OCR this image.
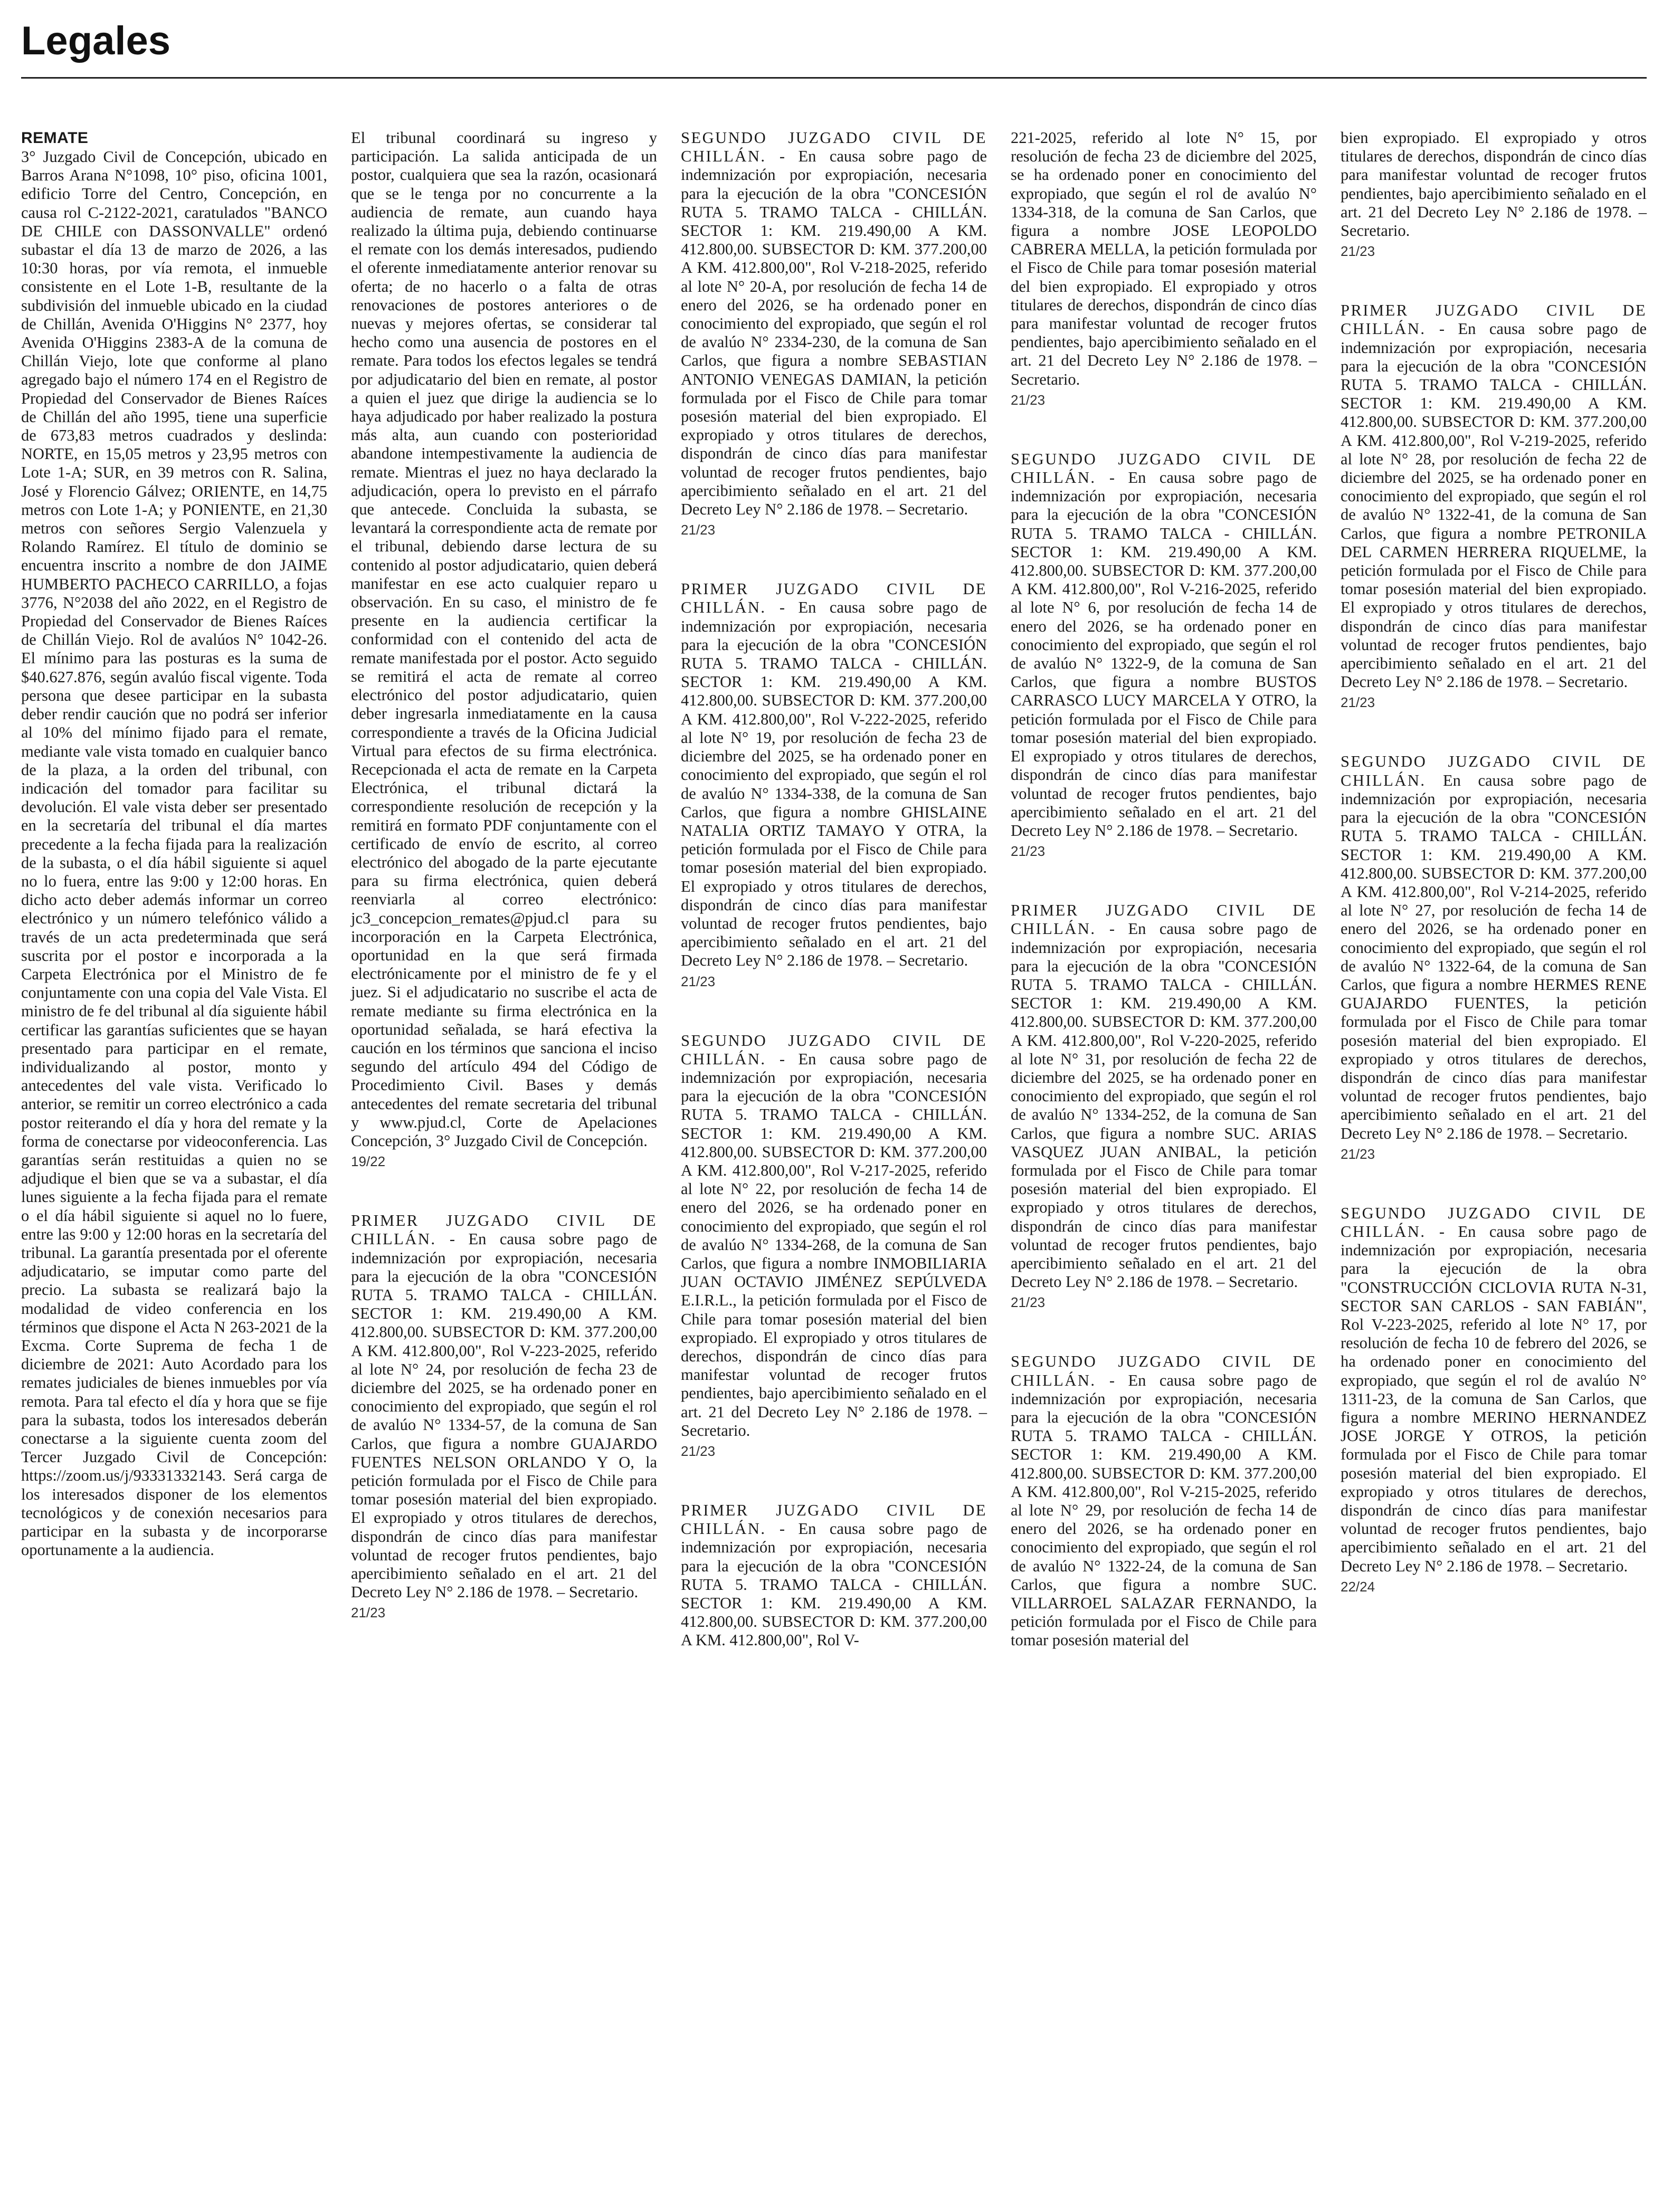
Legales

REMATE

3° Juzgado Civil de Concepción, ubicado en Barros Arana N°1098, 10° piso, oficina 1001, edificio Torre del Centro, Concepción, en causa rol C-2122-2021, caratulados "BANCO DE CHILE con DASSONVALLE" ordenó subastar el día 13 de marzo de 2026, a las 10:30 horas, por vía remota, el inmueble consistente en el Lote 1-B, resultante de la subdivisión del inmueble ubicado en la ciudad de Chillán, Avenida O'Higgins N° 2377, hoy Avenida O'Higgins 2383-A de la comuna de Chillán Viejo, lote que conforme al plano agregado bajo el número 174 en el Registro de Propiedad del Conservador de Bienes Raíces de Chillán del año 1995, tiene una superficie de 673,83 metros cuadrados y deslinda: NORTE, en 15,05 metros y 23,95 metros con Lote 1-A; SUR, en 39 metros con R. Salina, José y Florencio Gálvez; ORIENTE, en 14,75 metros con Lote 1-A; y PONIENTE, en 21,30 metros con señores Sergio Valenzuela y Rolando Ramírez. El título de dominio se encuentra inscrito a nombre de don JAIME HUMBERTO PACHECO CARRILLO, a fojas 3776, N°2038 del año 2022, en el Registro de Propiedad del Conservador de Bienes Raíces de Chillán Viejo. Rol de avalúos N° 1042-26. El mínimo para las posturas es la suma de $40.627.876, según avalúo fiscal vigente. Toda persona que desee participar en la subasta deber rendir caución que no podrá ser inferior al 10% del mínimo fijado para el remate, mediante vale vista tomado en cualquier banco de la plaza, a la orden del tribunal, con indicación del tomador para facilitar su devolución. El vale vista deber ser presentado en la secretaría del tribunal el día martes precedente a la fecha fijada para la realización de la subasta, o el día hábil siguiente si aquel no lo fuera, entre las 9:00 y 12:00 horas. En dicho acto deber además informar un correo electrónico y un número telefónico válido a través de un acta predeterminada que será suscrita por el postor e incorporada a la Carpeta Electrónica por el Ministro de fe conjuntamente con una copia del Vale Vista. El ministro de fe del tribunal al día siguiente hábil certificar las garantías suficientes que se hayan presentado para participar en el remate, individualizando al postor, monto y antecedentes del vale vista. Verificado lo anterior, se remitir un correo electrónico a cada postor reiterando el día y hora del remate y la forma de conectarse por videoconferencia. Las garantías serán restituidas a quien no se adjudique el bien que se va a subastar, el día lunes siguiente a la fecha fijada para el remate o el día hábil siguiente si aquel no lo fuere, entre las 9:00 y 12:00 horas en la secretaría del tribunal. La garantía presentada por el oferente adjudicatario, se imputar como parte del precio. La subasta se realizará bajo la modalidad de video conferencia en los términos que dispone el Acta N 263-2021 de la Excma. Corte Suprema de fecha 1 de diciembre de 2021: Auto Acordado para los remates judiciales de bienes inmuebles por vía remota. Para tal efecto el día y hora que se fije para la subasta, todos los interesados deberán conectarse a la siguiente cuenta zoom del Tercer Juzgado Civil de Concepción: https://zoom.us/j/93331332143. Será carga de los interesados disponer de los elementos tecnológicos y de conexión necesarios para participar en la subasta y de incorporarse oportunamente a la audiencia.

El tribunal coordinará su ingreso y participación. La salida anticipada de un postor, cualquiera que sea la razón, ocasionará que se le tenga por no concurrente a la audiencia de remate, aun cuando haya realizado la última puja, debiendo continuarse el remate con los demás interesados, pudiendo el oferente inmediatamente anterior renovar su oferta; de no hacerlo o a falta de otras renovaciones de postores anteriores o de nuevas y mejores ofertas, se considerar tal hecho como una ausencia de postores en el remate. Para todos los efectos legales se tendrá por adjudicatario del bien en remate, al postor a quien el juez que dirige la audiencia se lo haya adjudicado por haber realizado la postura más alta, aun cuando con posterioridad abandone intempestivamente la audiencia de remate. Mientras el juez no haya declarado la adjudicación, opera lo previsto en el párrafo que antecede. Concluida la subasta, se levantará la correspondiente acta de remate por el tribunal, debiendo darse lectura de su contenido al postor adjudicatario, quien deberá manifestar en ese acto cualquier reparo u observación. En su caso, el ministro de fe presente en la audiencia certificar la conformidad con el contenido del acta de remate manifestada por el postor. Acto seguido se remitirá el acta de remate al correo electrónico del postor adjudicatario, quien deber ingresarla inmediatamente en la causa correspondiente a través de la Oficina Judicial Virtual para efectos de su firma electrónica. Recepcionada el acta de remate en la Carpeta Electrónica, el tribunal dictará la correspondiente resolución de recepción y la remitirá en formato PDF conjuntamente con el certificado de envío de escrito, al correo electrónico del abogado de la parte ejecutante para su firma electrónica, quien deberá reenviarla al correo electrónico: jc3_concepcion_remates@pjud.cl para su incorporación en la Carpeta Electrónica, oportunidad en la que será firmada electrónicamente por el ministro de fe y el juez. Si el adjudicatario no suscribe el acta de remate mediante su firma electrónica en la oportunidad señalada, se hará efectiva la caución en los términos que sanciona el inciso segundo del artículo 494 del Código de Procedimiento Civil. Bases y demás antecedentes del remate secretaria del tribunal y www.pjud.cl, Corte de Apelaciones Concepción, 3° Juzgado Civil de Concepción.

19/22

PRIMER JUZGADO CIVIL DE CHILLÁN. - En causa sobre pago de indemnización por expropiación, necesaria para la ejecución de la obra "CONCESIÓN RUTA 5. TRAMO TALCA - CHILLÁN. SECTOR 1: KM. 219.490,00 A KM. 412.800,00. SUBSECTOR D: KM. 377.200,00 A KM. 412.800,00", Rol V-223-2025, referido al lote N° 24, por resolución de fecha 23 de diciembre del 2025, se ha ordenado poner en conocimiento del expropiado, que según el rol de avalúo N° 1334-57, de la comuna de San Carlos, que figura a nombre GUAJARDO FUENTES NELSON ORLANDO Y O, la petición formulada por el Fisco de Chile para tomar posesión material del bien expropiado. El expropiado y otros titulares de derechos, dispondrán de cinco días para manifestar voluntad de recoger frutos pendientes, bajo apercibimiento señalado en el art. 21 del Decreto Ley N° 2.186 de 1978. – Secretario.

21/23

SEGUNDO JUZGADO CIVIL DE CHILLÁN. - En causa sobre pago de indemnización por expropiación, necesaria para la ejecución de la obra "CONCESIÓN RUTA 5. TRAMO TALCA - CHILLÁN. SECTOR 1: KM. 219.490,00 A KM. 412.800,00. SUBSECTOR D: KM. 377.200,00 A KM. 412.800,00", Rol V-218-2025, referido al lote N° 20-A, por resolución de fecha 14 de enero del 2026, se ha ordenado poner en conocimiento del expropiado, que según el rol de avalúo N° 2334-230, de la comuna de San Carlos, que figura a nombre SEBASTIAN ANTONIO VENEGAS DAMIAN, la petición formulada por el Fisco de Chile para tomar posesión material del bien expropiado. El expropiado y otros titulares de derechos, dispondrán de cinco días para manifestar voluntad de recoger frutos pendientes, bajo apercibimiento señalado en el art. 21 del Decreto Ley N° 2.186 de 1978. – Secretario.

21/23

PRIMER JUZGADO CIVIL DE CHILLÁN. - En causa sobre pago de indemnización por expropiación, necesaria para la ejecución de la obra "CONCESIÓN RUTA 5. TRAMO TALCA - CHILLÁN. SECTOR 1: KM. 219.490,00 A KM. 412.800,00. SUBSECTOR D: KM. 377.200,00 A KM. 412.800,00", Rol V-222-2025, referido al lote N° 19, por resolución de fecha 23 de diciembre del 2025, se ha ordenado poner en conocimiento del expropiado, que según el rol de avalúo N° 1334-338, de la comuna de San Carlos, que figura a nombre GHISLAINE NATALIA ORTIZ TAMAYO Y OTRA, la petición formulada por el Fisco de Chile para tomar posesión material del bien expropiado. El expropiado y otros titulares de derechos, dispondrán de cinco días para manifestar voluntad de recoger frutos pendientes, bajo apercibimiento señalado en el art. 21 del Decreto Ley N° 2.186 de 1978. – Secretario.

21/23

SEGUNDO JUZGADO CIVIL DE CHILLÁN. - En causa sobre pago de indemnización por expropiación, necesaria para la ejecución de la obra "CONCESIÓN RUTA 5. TRAMO TALCA - CHILLÁN. SECTOR 1: KM. 219.490,00 A KM. 412.800,00. SUBSECTOR D: KM. 377.200,00 A KM. 412.800,00", Rol V-217-2025, referido al lote N° 22, por resolución de fecha 14 de enero del 2026, se ha ordenado poner en conocimiento del expropiado, que según el rol de avalúo N° 1334-268, de la comuna de San Carlos, que figura a nombre INMOBILIARIA JUAN OCTAVIO JIMÉNEZ SEPÚLVEDA E.I.R.L., la petición formulada por el Fisco de Chile para tomar posesión material del bien expropiado. El expropiado y otros titulares de derechos, dispondrán de cinco días para manifestar voluntad de recoger frutos pendientes, bajo apercibimiento señalado en el art. 21 del Decreto Ley N° 2.186 de 1978. – Secretario.

21/23

PRIMER JUZGADO CIVIL DE CHILLÁN. - En causa sobre pago de indemnización por expropiación, necesaria para la ejecución de la obra "CONCESIÓN RUTA 5. TRAMO TALCA - CHILLÁN. SECTOR 1: KM. 219.490,00 A KM. 412.800,00. SUBSECTOR D: KM. 377.200,00 A KM. 412.800,00", Rol V-

221-2025, referido al lote N° 15, por resolución de fecha 23 de diciembre del 2025, se ha ordenado poner en conocimiento del expropiado, que según el rol de avalúo N° 1334-318, de la comuna de San Carlos, que figura a nombre JOSE LEOPOLDO CABRERA MELLA, la petición formulada por el Fisco de Chile para tomar posesión material del bien expropiado. El expropiado y otros titulares de derechos, dispondrán de cinco días para manifestar voluntad de recoger frutos pendientes, bajo apercibimiento señalado en el art. 21 del Decreto Ley N° 2.186 de 1978. – Secretario.

21/23

SEGUNDO JUZGADO CIVIL DE CHILLÁN. - En causa sobre pago de indemnización por expropiación, necesaria para la ejecución de la obra "CONCESIÓN RUTA 5. TRAMO TALCA - CHILLÁN. SECTOR 1: KM. 219.490,00 A KM. 412.800,00. SUBSECTOR D: KM. 377.200,00 A KM. 412.800,00", Rol V-216-2025, referido al lote N° 6, por resolución de fecha 14 de enero del 2026, se ha ordenado poner en conocimiento del expropiado, que según el rol de avalúo N° 1322-9, de la comuna de San Carlos, que figura a nombre BUSTOS CARRASCO LUCY MARCELA Y OTRO, la petición formulada por el Fisco de Chile para tomar posesión material del bien expropiado. El expropiado y otros titulares de derechos, dispondrán de cinco días para manifestar voluntad de recoger frutos pendientes, bajo apercibimiento señalado en el art. 21 del Decreto Ley N° 2.186 de 1978. – Secretario.

21/23

PRIMER JUZGADO CIVIL DE CHILLÁN. - En causa sobre pago de indemnización por expropiación, necesaria para la ejecución de la obra "CONCESIÓN RUTA 5. TRAMO TALCA - CHILLÁN. SECTOR 1: KM. 219.490,00 A KM. 412.800,00. SUBSECTOR D: KM. 377.200,00 A KM. 412.800,00", Rol V-220-2025, referido al lote N° 31, por resolución de fecha 22 de diciembre del 2025, se ha ordenado poner en conocimiento del expropiado, que según el rol de avalúo N° 1334-252, de la comuna de San Carlos, que figura a nombre SUC. ARIAS VASQUEZ JUAN ANIBAL, la petición formulada por el Fisco de Chile para tomar posesión material del bien expropiado. El expropiado y otros titulares de derechos, dispondrán de cinco días para manifestar voluntad de recoger frutos pendientes, bajo apercibimiento señalado en el art. 21 del Decreto Ley N° 2.186 de 1978. – Secretario.

21/23

SEGUNDO JUZGADO CIVIL DE CHILLÁN. - En causa sobre pago de indemnización por expropiación, necesaria para la ejecución de la obra "CONCESIÓN RUTA 5. TRAMO TALCA - CHILLÁN. SECTOR 1: KM. 219.490,00 A KM. 412.800,00. SUBSECTOR D: KM. 377.200,00 A KM. 412.800,00", Rol V-215-2025, referido al lote N° 29, por resolución de fecha 14 de enero del 2026, se ha ordenado poner en conocimiento del expropiado, que según el rol de avalúo N° 1322-24, de la comuna de San Carlos, que figura a nombre SUC. VILLARROEL SALAZAR FERNANDO, la petición formulada por el Fisco de Chile para tomar posesión material del

bien expropiado. El expropiado y otros titulares de derechos, dispondrán de cinco días para manifestar voluntad de recoger frutos pendientes, bajo apercibimiento señalado en el art. 21 del Decreto Ley N° 2.186 de 1978. – Secretario.

21/23

PRIMER JUZGADO CIVIL DE CHILLÁN. - En causa sobre pago de indemnización por expropiación, necesaria para la ejecución de la obra "CONCESIÓN RUTA 5. TRAMO TALCA - CHILLÁN. SECTOR 1: KM. 219.490,00 A KM. 412.800,00. SUBSECTOR D: KM. 377.200,00 A KM. 412.800,00", Rol V-219-2025, referido al lote N° 28, por resolución de fecha 22 de diciembre del 2025, se ha ordenado poner en conocimiento del expropiado, que según el rol de avalúo N° 1322-41, de la comuna de San Carlos, que figura a nombre PETRONILA DEL CARMEN HERRERA RIQUELME, la petición formulada por el Fisco de Chile para tomar posesión material del bien expropiado. El expropiado y otros titulares de derechos, dispondrán de cinco días para manifestar voluntad de recoger frutos pendientes, bajo apercibimiento señalado en el art. 21 del Decreto Ley N° 2.186 de 1978. – Secretario.

21/23

SEGUNDO JUZGADO CIVIL DE CHILLÁN. En causa sobre pago de indemnización por expropiación, necesaria para la ejecución de la obra "CONCESIÓN RUTA 5. TRAMO TALCA - CHILLÁN. SECTOR 1: KM. 219.490,00 A KM. 412.800,00. SUBSECTOR D: KM. 377.200,00 A KM. 412.800,00", Rol V-214-2025, referido al lote N° 27, por resolución de fecha 14 de enero del 2026, se ha ordenado poner en conocimiento del expropiado, que según el rol de avalúo N° 1322-64, de la comuna de San Carlos, que figura a nombre HERMES RENE GUAJARDO FUENTES, la petición formulada por el Fisco de Chile para tomar posesión material del bien expropiado. El expropiado y otros titulares de derechos, dispondrán de cinco días para manifestar voluntad de recoger frutos pendientes, bajo apercibimiento señalado en el art. 21 del Decreto Ley N° 2.186 de 1978. – Secretario.

21/23

SEGUNDO JUZGADO CIVIL DE CHILLÁN. - En causa sobre pago de indemnización por expropiación, necesaria para la ejecución de la obra "CONSTRUCCIÓN CICLOVIA RUTA N-31, SECTOR SAN CARLOS - SAN FABIÁN", Rol V-223-2025, referido al lote N° 17, por resolución de fecha 10 de febrero del 2026, se ha ordenado poner en conocimiento del expropiado, que según el rol de avalúo N° 1311-23, de la comuna de San Carlos, que figura a nombre MERINO HERNANDEZ JOSE JORGE Y OTROS, la petición formulada por el Fisco de Chile para tomar posesión material del bien expropiado. El expropiado y otros titulares de derechos, dispondrán de cinco días para manifestar voluntad de recoger frutos pendientes, bajo apercibimiento señalado en el art. 21 del Decreto Ley N° 2.186 de 1978. – Secretario.

22/24
